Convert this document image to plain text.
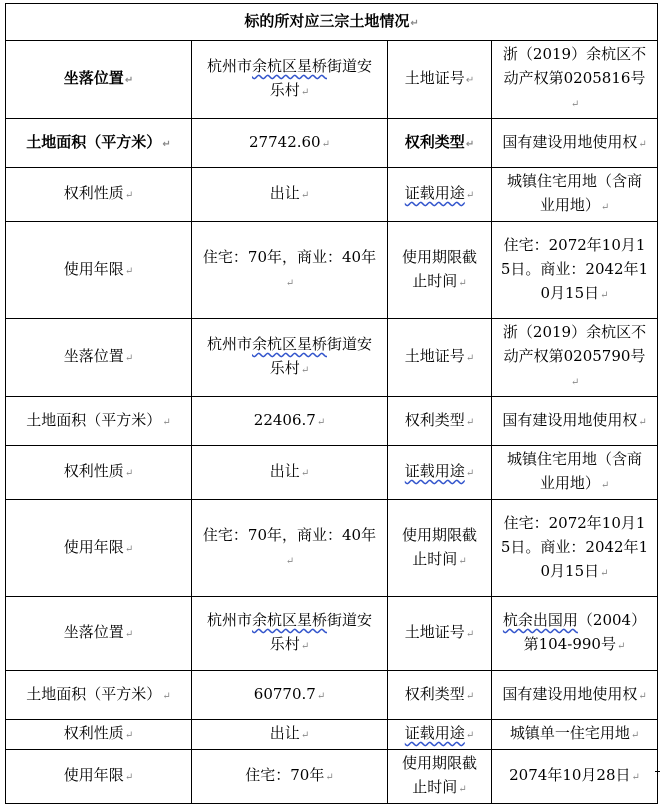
标的所对应三宗土地情况↵			
坐落位置↵	杭州市余杭区星桥街道安乐村↵	土地证号↵	浙（2019）余杭区不动产权第0205816号↵
土地面积（平方米）↵	27742.60↵	权利类型↵	国有建设用地使用权↵
权利性质↵	出让↵	证载用途↵	城镇住宅用地（含商业用地）↵
使用年限↵	住宅：70年，商业：40年↵	使用期限截止时间↵	住宅：2072年10月15日。商业：2042年10月15日↵
坐落位置↵	杭州市余杭区星桥街道安乐村↵	土地证号↵	浙（2019）余杭区不动产权第0205790号↵
土地面积（平方米）↵	22406.7↵	权利类型↵	国有建设用地使用权↵
权利性质↵	出让↵	证载用途↵	城镇住宅用地（含商业用地）↵
使用年限↵	住宅：70年，商业：40年↵	使用期限截止时间↵	住宅：2072年10月15日。商业：2042年10月15日↵
坐落位置↵	杭州市余杭区星桥街道安乐村↵	土地证号↵	杭余出国用（2004）第104-990号↵
土地面积（平方米）↵	60770.7↵	权利类型↵	国有建设用地使用权↵
权利性质↵	出让↵	证载用途↵	城镇单一住宅用地↵
使用年限↵	住宅：70年↵	使用期限截止时间↵	2074年10月28日↵
